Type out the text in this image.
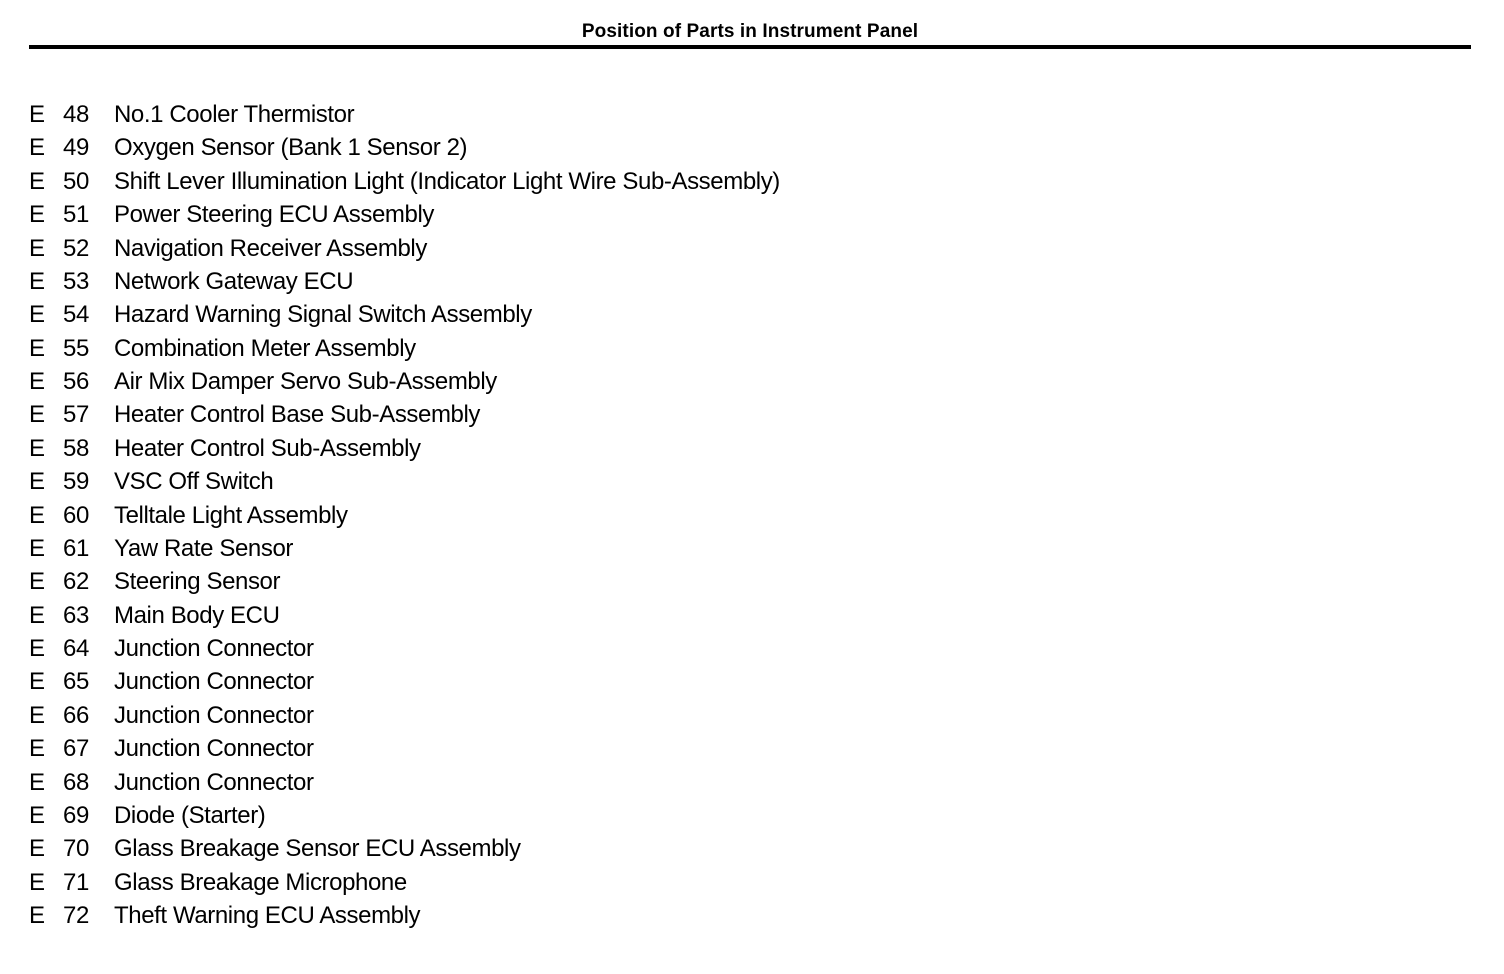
Position of Parts in Instrument Panel
E 48 No.1 Cooler Thermistor
E 49 Oxygen Sensor (Bank 1 Sensor 2)
E 50 Shift Lever Illumination Light (Indicator Light Wire Sub-Assembly)
E 51 Power Steering ECU Assembly
E 52 Navigation Receiver Assembly
E 53 Network Gateway ECU
E 54 Hazard Warning Signal Switch Assembly
E 55 Combination Meter Assembly
E 56 Air Mix Damper Servo Sub-Assembly
E 57 Heater Control Base Sub-Assembly
E 58 Heater Control Sub-Assembly
E 59 VSC Off Switch
E 60 Telltale Light Assembly
E 61 Yaw Rate Sensor
E 62 Steering Sensor
E 63 Main Body ECU
E 64 Junction Connector
E 65 Junction Connector
E 66 Junction Connector
E 67 Junction Connector
E 68 Junction Connector
E 69 Diode (Starter)
E 70 Glass Breakage Sensor ECU Assembly
E 71 Glass Breakage Microphone
E 72 Theft Warning ECU Assembly
